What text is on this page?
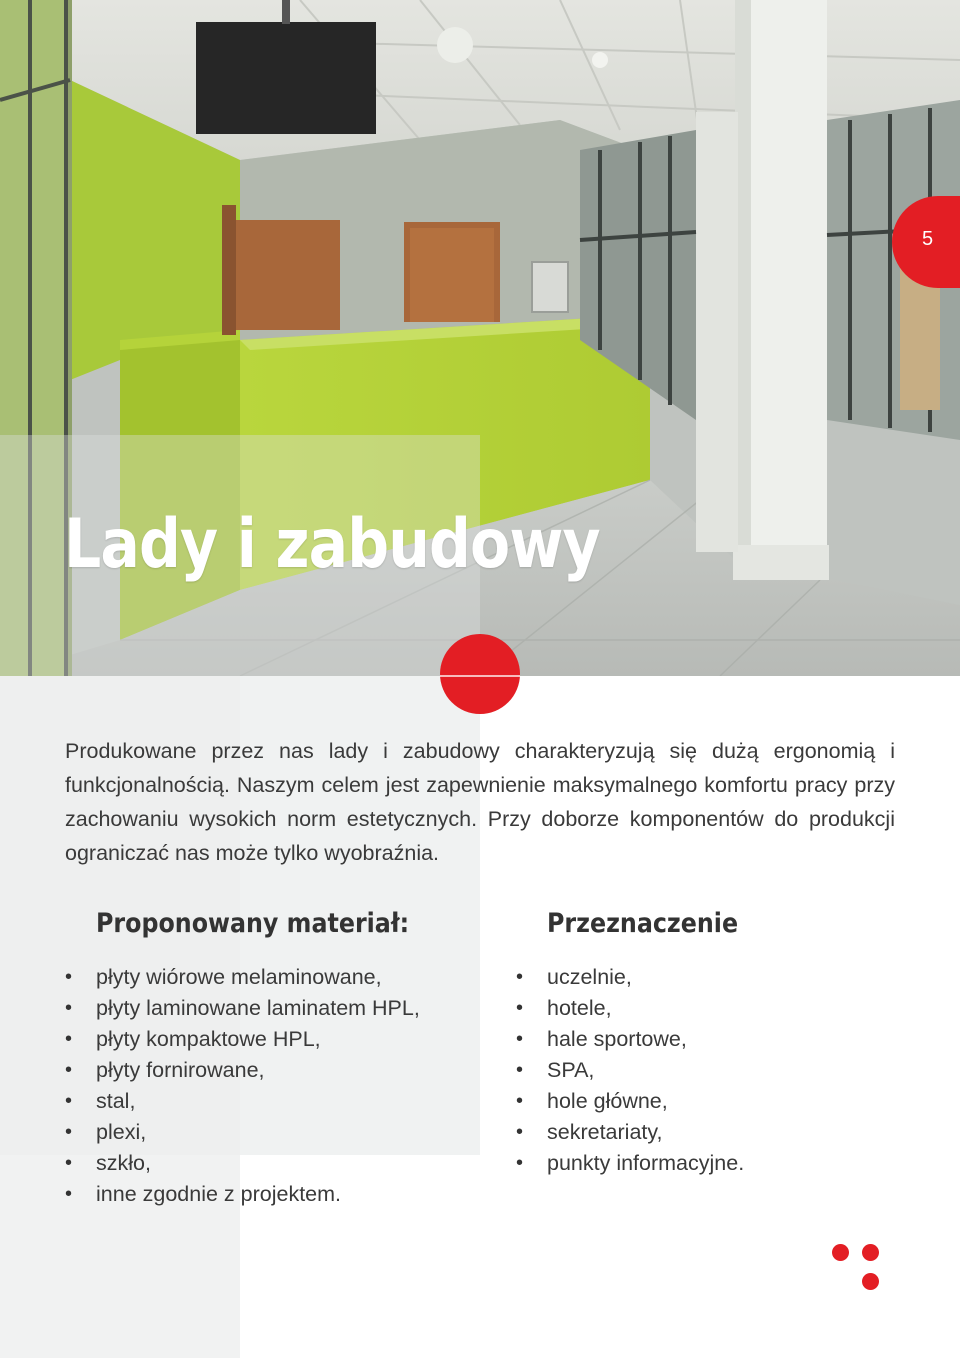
Lady i zabudowy
5

Produkowane przez nas lady i zabudowy charakteryzują się dużą ergonomią i funkcjonalnością. Naszym celem jest zapewnienie maksymalnego komfortu pracy przy zachowaniu wysokich norm estetycznych. Przy doborze komponentów do produkcji ograniczać nas może tylko wyobraźnia.

Proponowany materiał:
• płyty wiórowe melaminowane,
• płyty laminowane laminatem HPL,
• płyty kompaktowe HPL,
• płyty fornirowane,
• stal,
• plexi,
• szkło,
• inne zgodnie z projektem.
Przeznaczenie
• uczelnie,
• hotele,
• hale sportowe,
• SPA,
• hole główne,
• sekretariaty,
• punkty informacyjne.
